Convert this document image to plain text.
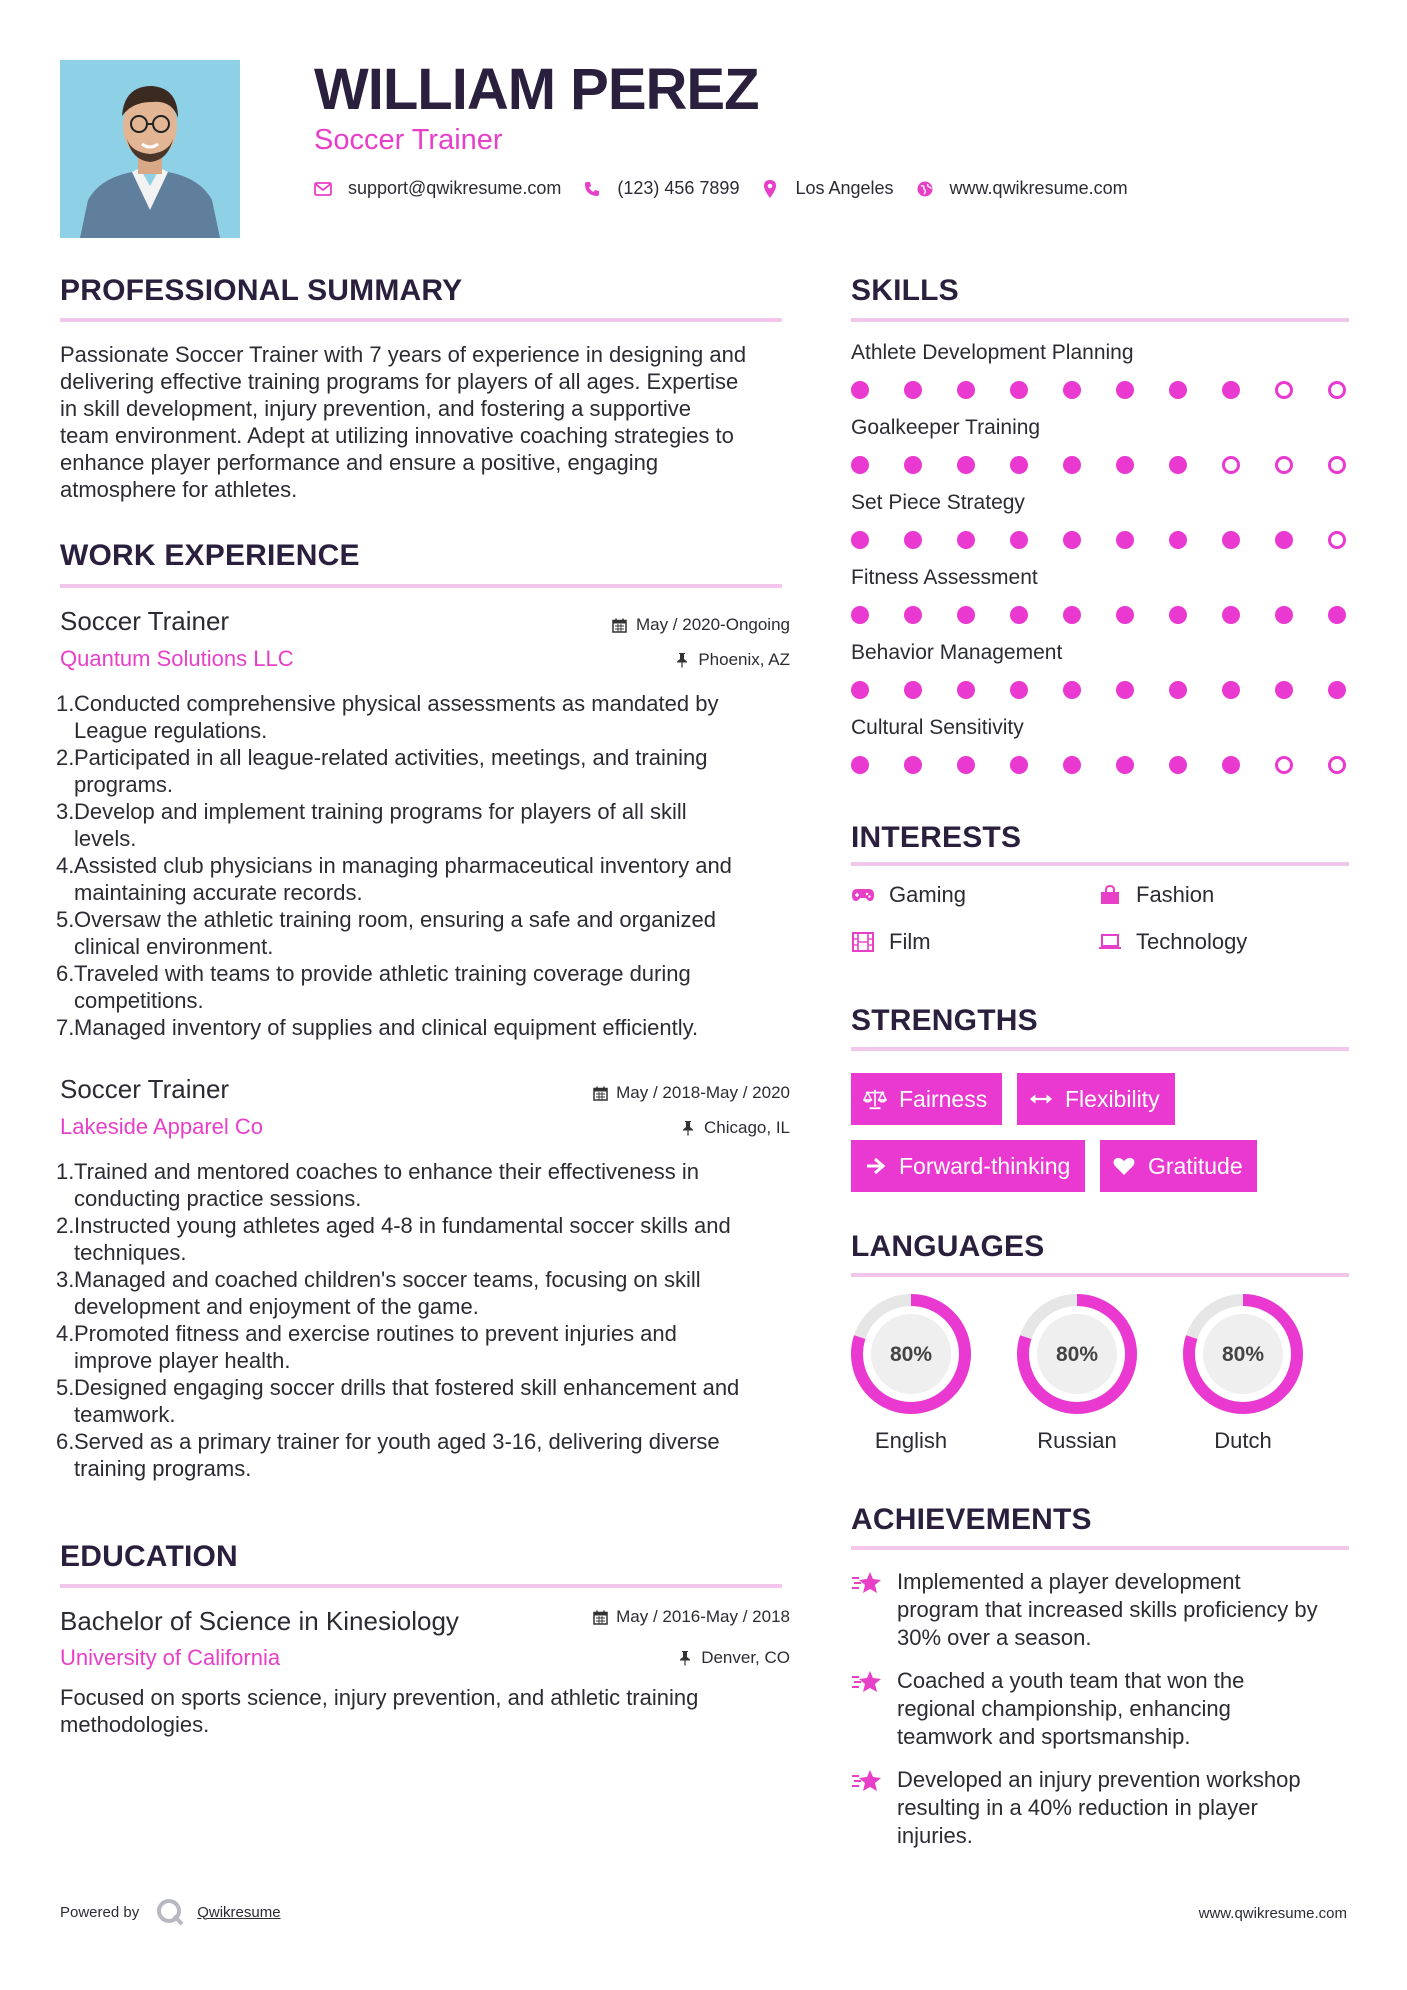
WILLIAM PEREZ
Soccer Trainer
support@qwikresume.com	(123) 456 7899	Los Angeles	www.qwikresume.com
PROFESSIONAL SUMMARY
Passionate Soccer Trainer with 7 years of experience in designing and
delivering effective training programs for players of all ages. Expertise
in skill development, injury prevention, and fostering a supportive
team environment. Adept at utilizing innovative coaching strategies to
enhance player performance and ensure a positive, engaging
atmosphere for athletes.
WORK EXPERIENCE
Soccer Trainer	May / 2020-Ongoing
Quantum Solutions LLC	Phoenix, AZ
1. Conducted comprehensive physical assessments as mandated by
League regulations.
2. Participated in all league-related activities, meetings, and training
programs.
3. Develop and implement training programs for players of all skill
levels.
4. Assisted club physicians in managing pharmaceutical inventory and
maintaining accurate records.
5. Oversaw the athletic training room, ensuring a safe and organized
clinical environment.
6. Traveled with teams to provide athletic training coverage during
competitions.
7. Managed inventory of supplies and clinical equipment efficiently.
Soccer Trainer	May / 2018-May / 2020
Lakeside Apparel Co	Chicago, IL
1. Trained and mentored coaches to enhance their effectiveness in
conducting practice sessions.
2. Instructed young athletes aged 4-8 in fundamental soccer skills and
techniques.
3. Managed and coached children's soccer teams, focusing on skill
development and enjoyment of the game.
4. Promoted fitness and exercise routines to prevent injuries and
improve player health.
5. Designed engaging soccer drills that fostered skill enhancement and
teamwork.
6. Served as a primary trainer for youth aged 3-16, delivering diverse
training programs.
EDUCATION
Bachelor of Science in Kinesiology	May / 2016-May / 2018
University of California	Denver, CO
Focused on sports science, injury prevention, and athletic training
methodologies.
SKILLS
Athlete Development Planning
Goalkeeper Training
Set Piece Strategy
Fitness Assessment
Behavior Management
Cultural Sensitivity
INTERESTS
Gaming	Fashion
Film	Technology
STRENGTHS
Fairness	Flexibility
Forward-thinking	Gratitude
LANGUAGES
80%
English
80%
Russian
80%
Dutch
ACHIEVEMENTS
Implemented a player development
program that increased skills proficiency by
30% over a season.
Coached a youth team that won the
regional championship, enhancing
teamwork and sportsmanship.
Developed an injury prevention workshop
resulting in a 40% reduction in player
injuries.
Powered by	Qwikresume	www.qwikresume.com
